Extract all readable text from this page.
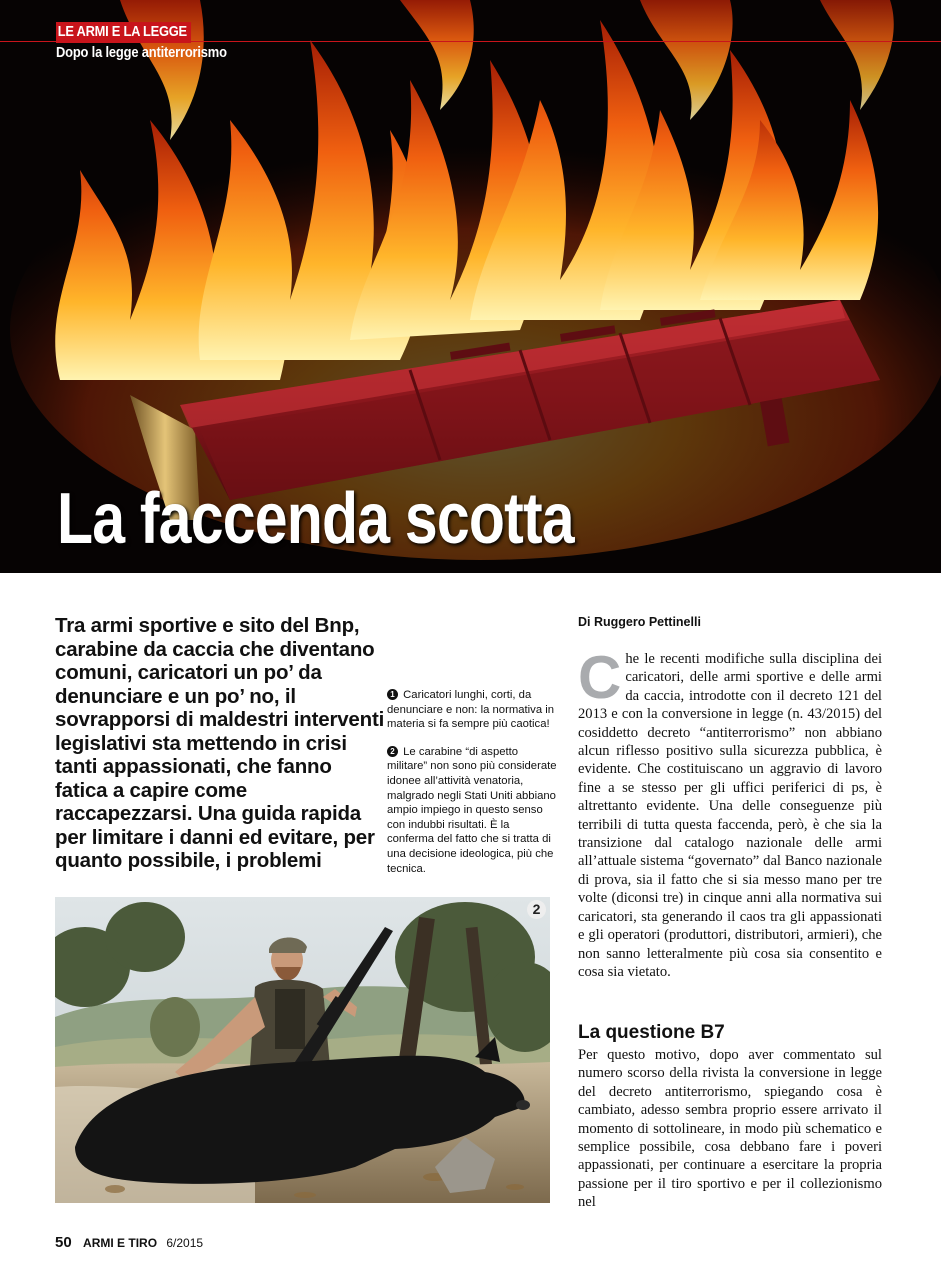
LE ARMI E LA LEGGE
Dopo la legge antiterrorismo
La faccenda scotta

Tra armi sportive e sito del Bnp, carabine da caccia che diventano comuni, caricatori un po’ da denunciare e un po’ no, il sovrapporsi di maldestri interventi legislativi sta mettendo in crisi tanti appassionati, che fanno fatica a capire come raccapezzarsi. Una guida rapida per limitare i danni ed evitare, per quanto possibile, i problemi

1 Caricatori lunghi, corti, da denunciare e non: la normativa in materia si fa sempre più caotica!

2 Le carabine “di aspetto militare” non sono più considerate idonee all’attività venatoria, malgrado negli Stati Uniti abbiano ampio impiego in questo senso con indubbi risultati. È la conferma del fatto che si tratta di una decisione ideologica, più che tecnica.

2

Di Ruggero Pettinelli

Che le recenti modifiche sulla disciplina dei caricatori, delle armi sportive e delle armi da caccia, introdotte con il decreto 121 del 2013 e con la conversione in legge (n. 43/2015) del cosiddetto decreto “antiterrorismo” non abbiano alcun riflesso positivo sulla sicurezza pubblica, è evidente. Che costituiscano un aggravio di lavoro fine a se stesso per gli uffici periferici di ps, è altrettanto evidente. Una delle conseguenze più terribili di tutta questa faccenda, però, è che sia la transizione dal catalogo nazionale delle armi all’attuale sistema “governato” dal Banco nazionale di prova, sia il fatto che si sia messo mano per tre volte (diconsi tre) in cinque anni alla normativa sui caricatori, sta generando il caos tra gli appassionati e gli operatori (produttori, distributori, armieri), che non sanno letteralmente più cosa sia consentito e cosa sia vietato.

La questione B7

Per questo motivo, dopo aver commentato sul numero scorso della rivista la conversione in legge del decreto antiterrorismo, spiegando cosa è cambiato, adesso sembra proprio essere arrivato il momento di sottolineare, in modo più schematico e semplice possibile, cosa debbano fare i poveri appassionati, per continuare a esercitare la propria passione per il tiro sportivo e per il collezionismo nel

50 ARMI E TIRO 6/2015
